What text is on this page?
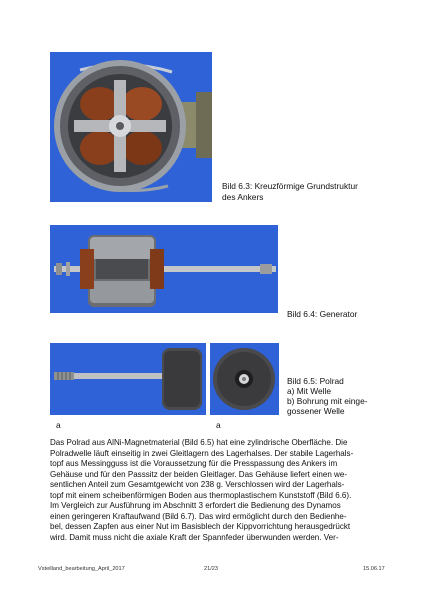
Bild 6.3: Kreuzförmige Grundstruktur
des Ankers
Bild 6.4: Generator
a	a
Bild 6.5: Polrad
a) Mit Welle
b) Bohrung mit einge-
gossener Welle

Das Polrad aus AlNi-Magnetmaterial (Bild 6.5) hat eine zylindrische Oberfläche. Die

Polradwelle läuft einseitig in zwei Gleitlagern des Lagerhalses. Der stabile Lagerhals-

topf aus Messingguss ist die Voraussetzung für die Presspassung des Ankers im

Gehäuse und für den Passsitz der beiden Gleitlager. Das Gehäuse liefert einen we-

sentlichen Anteil zum Gesamtgewicht von 238 g. Verschlossen wird der Lagerhals-

topf mit einem scheibenförmigen Boden aus thermoplastischem Kunststoff (Bild 6.6).

Im Vergleich zur Ausführung im Abschnitt 3 erfordert die Bedienung des Dynamos

einen geringeren Kraftaufwand (Bild 6.7). Das wird ermöglicht durch den Bedienhe-

bel, dessen Zapfen aus einer Nut im Basisblech der Kippvorrichtung herausgedrückt

wird. Damit muss nicht die axiale Kraft der Spannfeder überwunden werden. Ver-

Vsteilland_bearbeitung_April_2017	21/23	15.06.17
